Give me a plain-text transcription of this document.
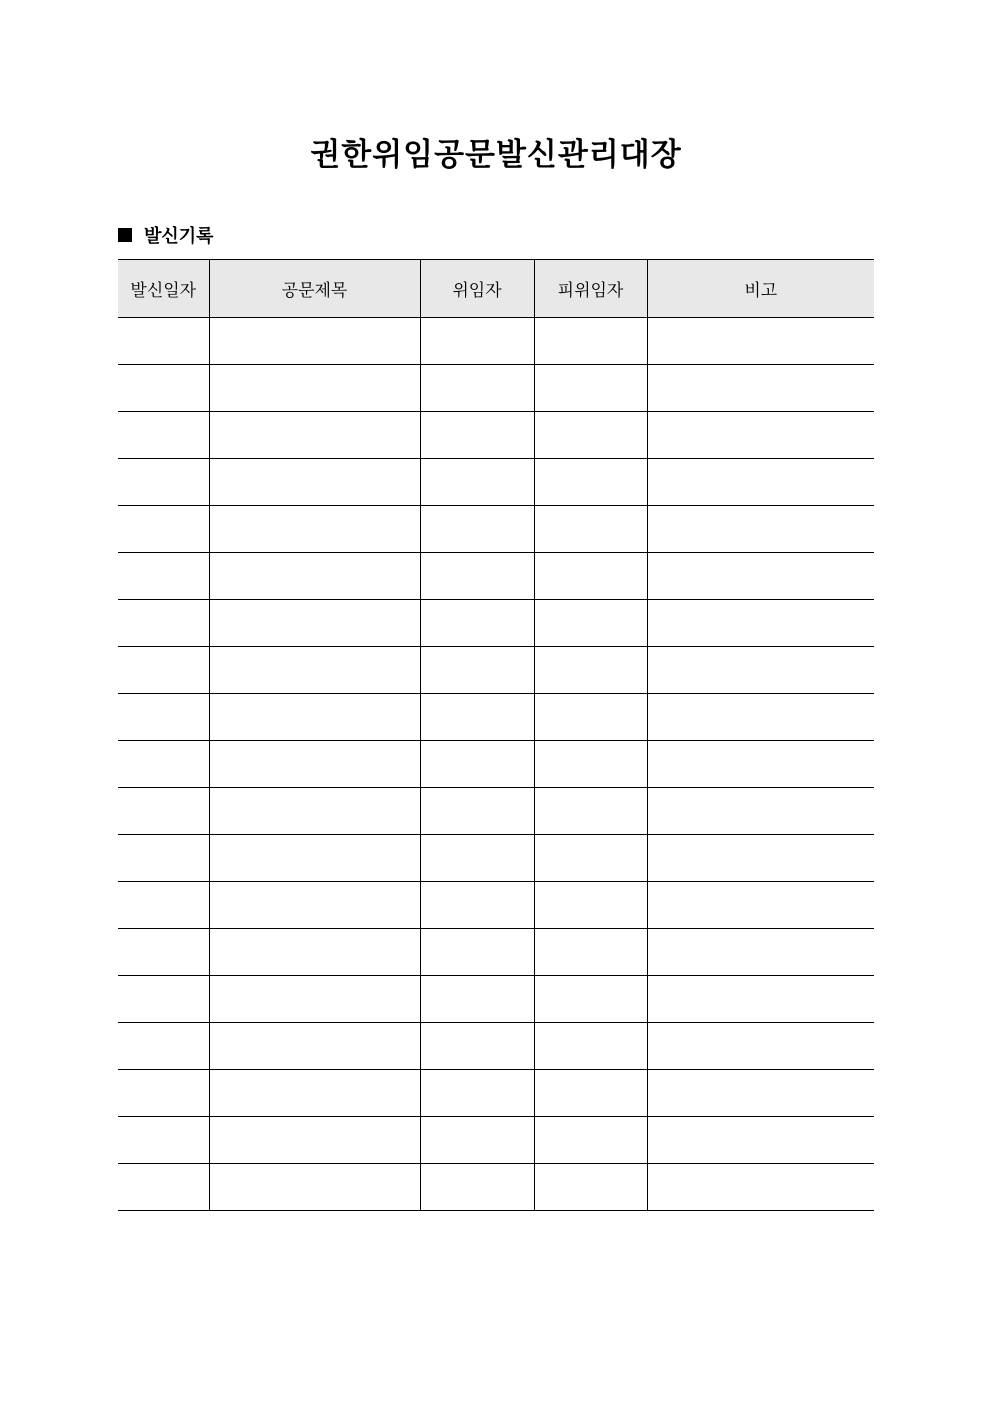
권한위임공문발신관리대장
발신기록
발신일자	공문제목	위임자	피위임자	비고
